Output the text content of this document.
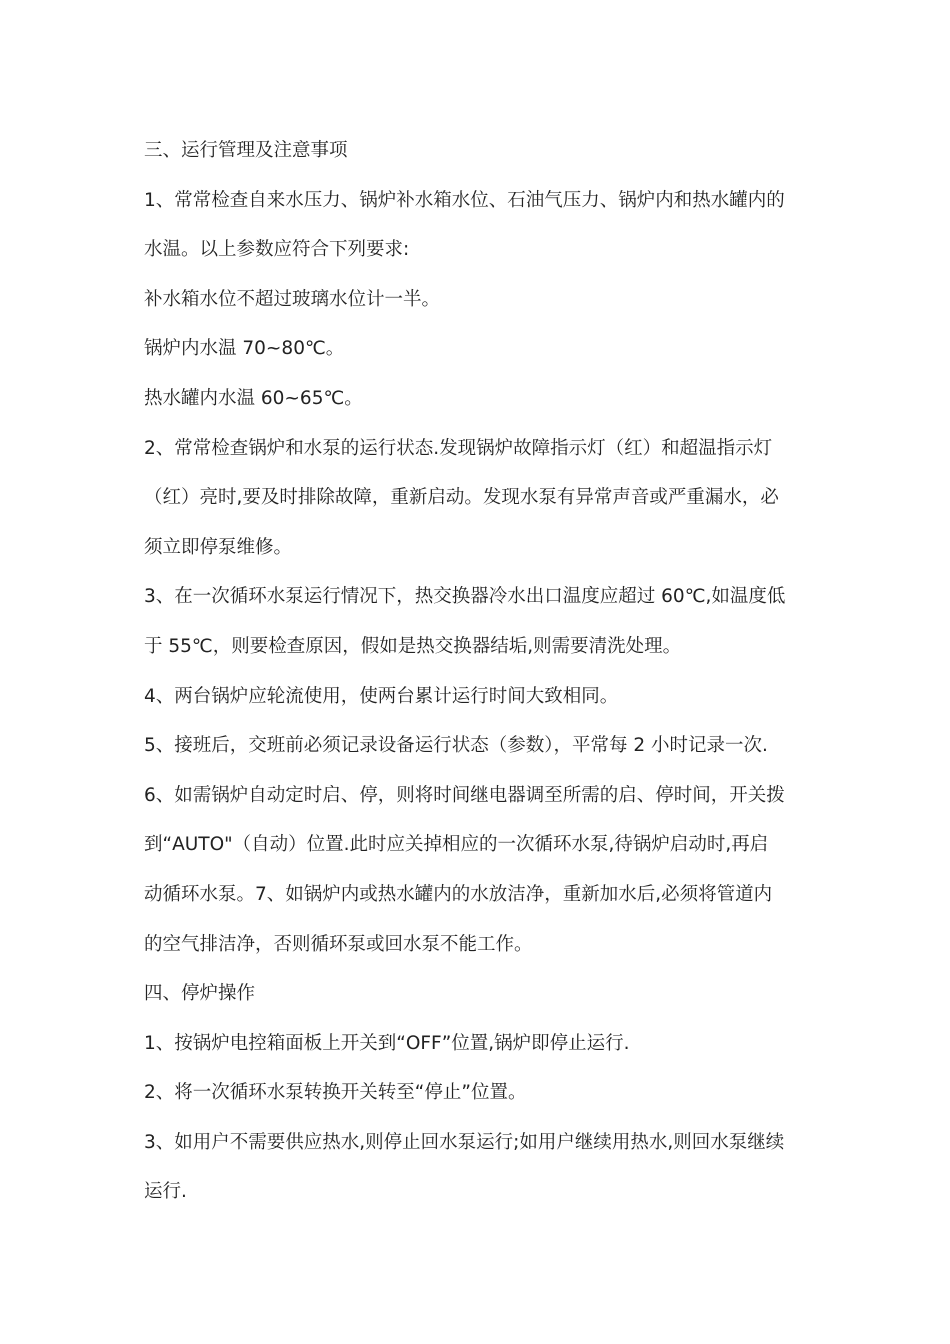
三、运行管理及注意事项
1、常常检查自来水压力、锅炉补水箱水位、石油气压力、锅炉内和热水罐内的
水温。以上参数应符合下列要求:
补水箱水位不超过玻璃水位计一半。
锅炉内水温 70~80℃。
热水罐内水温 60~65℃。
2、常常检查锅炉和水泵的运行状态.发现锅炉故障指示灯（红）和超温指示灯
（红）亮时,要及时排除故障，重新启动。发现水泵有异常声音或严重漏水，必
须立即停泵维修。
3、在一次循环水泵运行情况下，热交换器冷水出口温度应超过 60℃,如温度低
于 55℃，则要检查原因，假如是热交换器结垢,则需要清洗处理。
4、两台锅炉应轮流使用，使两台累计运行时间大致相同。
5、接班后，交班前必须记录设备运行状态（参数），平常每 2 小时记录一次.
6、如需锅炉自动定时启、停，则将时间继电器调至所需的启、停时间，开关拨
到“AUTO"（自动）位置.此时应关掉相应的一次循环水泵,待锅炉启动时,再启
动循环水泵。7、如锅炉内或热水罐内的水放洁净，重新加水后,必须将管道内
的空气排洁净，否则循环泵或回水泵不能工作。
四、停炉操作
1、按锅炉电控箱面板上开关到“OFF”位置,锅炉即停止运行.
2、将一次循环水泵转换开关转至“停止”位置。
3、如用户不需要供应热水,则停止回水泵运行;如用户继续用热水,则回水泵继续
运行.
